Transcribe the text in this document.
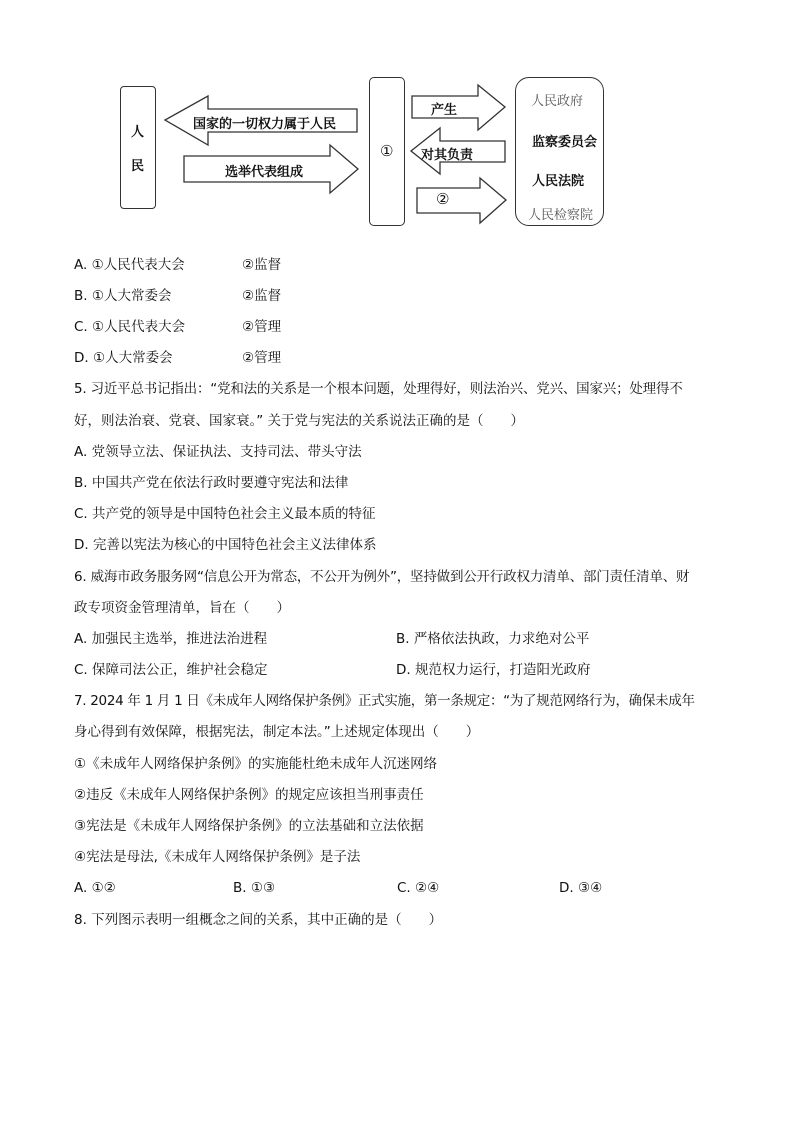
人
民
国家的一切权力属于人民
选举代表组成
①
产生
对其负责
②
人民政府
监察委员会
人民法院
人民检察院
A. ①人民代表大会	②监督
B. ①人大常委会	②监督
C. ①人民代表大会	②管理
D. ①人大常委会	②管理
5. 习近平总书记指出：“党和法的关系是一个根本问题，处理得好，则法治兴、党兴、国家兴；处理得不
好，则法治衰、党衰、国家衰。” 关于党与宪法的关系说法正确的是（　　）
A. 党领导立法、保证执法、支持司法、带头守法
B. 中国共产党在依法行政时要遵守宪法和法律
C. 共产党的领导是中国特色社会主义最本质的特征
D. 完善以宪法为核心的中国特色社会主义法律体系
6. 威海市政务服务网“信息公开为常态，不公开为例外”，坚持做到公开行政权力清单、部门责任清单、财
政专项资金管理清单，旨在（　　）
A. 加强民主选举，推进法治进程	B. 严格依法执政，力求绝对公平
C. 保障司法公正，维护社会稳定	D. 规范权力运行，打造阳光政府
7. 2024 年 1 月 1 日《未成年人网络保护条例》正式实施，第一条规定：“为了规范网络行为，确保未成年
身心得到有效保障，根据宪法，制定本法。”上述规定体现出（　　）
①《未成年人网络保护条例》的实施能杜绝未成年人沉迷网络
②违反《未成年人网络保护条例》的规定应该担当刑事责任
③宪法是《未成年人网络保护条例》的立法基础和立法依据
④宪法是母法,《未成年人网络保护条例》是子法
A. ①②	B. ①③	C. ②④	D. ③④
8. 下列图示表明一组概念之间的关系，其中正确的是（　　）
